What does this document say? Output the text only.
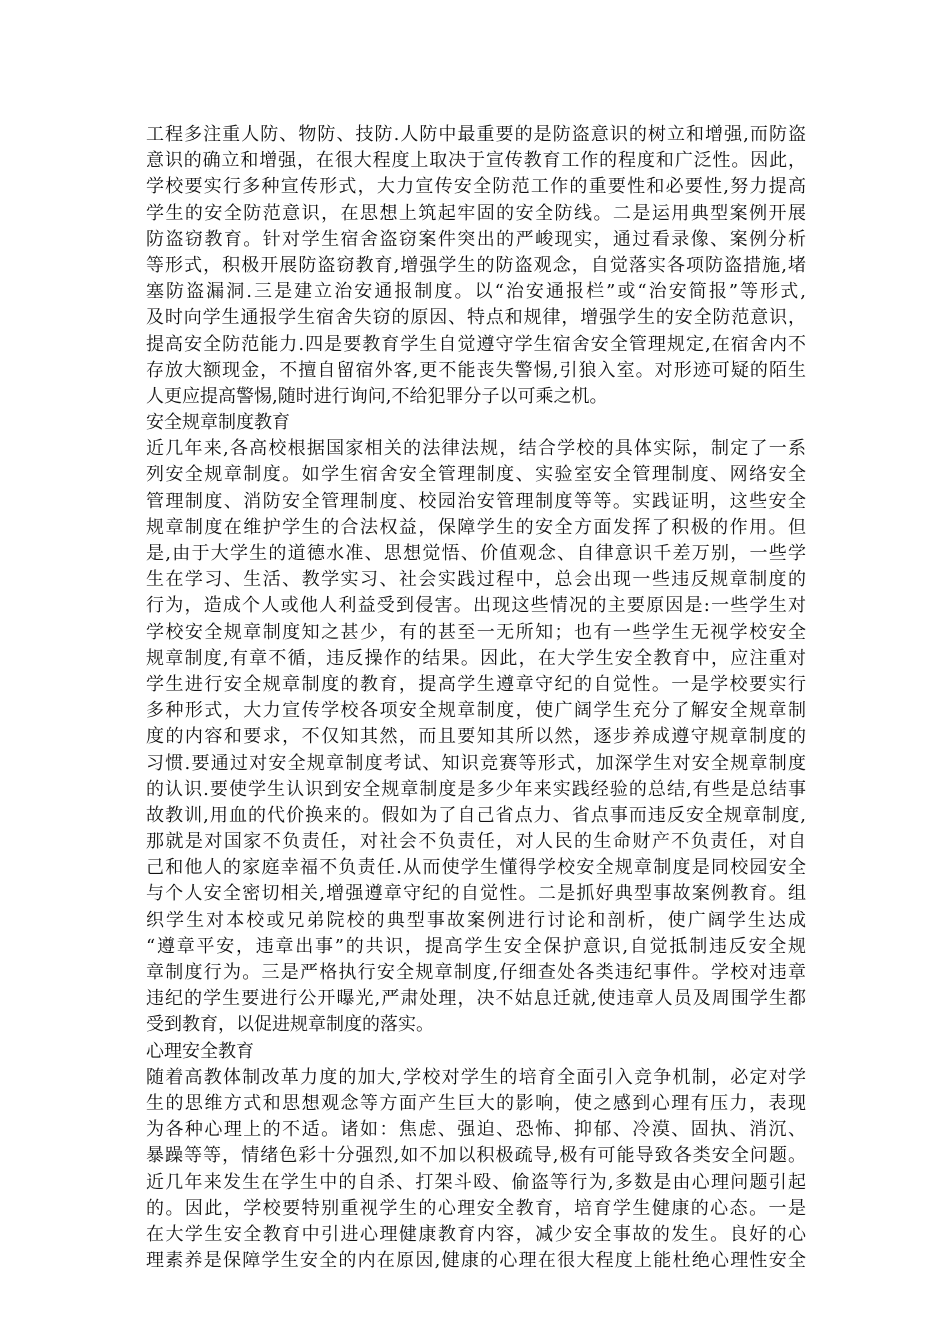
工程多注重人防、物防、技防.人防中最重要的是防盗意识的树立和增强,而防盗
意识的确立和增强，在很大程度上取决于宣传教育工作的程度和广泛性。因此，
学校要实行多种宣传形式，大力宣传安全防范工作的重要性和必要性,努力提高
学生的安全防范意识，在思想上筑起牢固的安全防线。二是运用典型案例开展
防盗窃教育。针对学生宿舍盗窃案件突出的严峻现实，通过看录像、案例分析
等形式，积极开展防盗窃教育,增强学生的防盗观念，自觉落实各项防盗措施,堵
塞防盗漏洞.三是建立治安通报制度。以“治安通报栏”或“治安简报”等形式,
及时向学生通报学生宿舍失窃的原因、特点和规律，增强学生的安全防范意识，
提高安全防范能力.四是要教育学生自觉遵守学生宿舍安全管理规定,在宿舍内不
存放大额现金，不擅自留宿外客,更不能丧失警惕,引狼入室。对形迹可疑的陌生
人更应提高警惕,随时进行询问,不给犯罪分子以可乘之机。
安全规章制度教育
近几年来,各高校根据国家相关的法律法规，结合学校的具体实际，制定了一系
列安全规章制度。如学生宿舍安全管理制度、实验室安全管理制度、网络安全
管理制度、消防安全管理制度、校园治安管理制度等等。实践证明，这些安全
规章制度在维护学生的合法权益，保障学生的安全方面发挥了积极的作用。但
是,由于大学生的道德水准、思想觉悟、价值观念、自律意识千差万别，一些学
生在学习、生活、教学实习、社会实践过程中，总会出现一些违反规章制度的
行为，造成个人或他人利益受到侵害。出现这些情况的主要原因是:一些学生对
学校安全规章制度知之甚少，有的甚至一无所知；也有一些学生无视学校安全
规章制度,有章不循，违反操作的结果。因此，在大学生安全教育中，应注重对
学生进行安全规章制度的教育，提高学生遵章守纪的自觉性。一是学校要实行
多种形式，大力宣传学校各项安全规章制度，使广阔学生充分了解安全规章制
度的内容和要求，不仅知其然，而且要知其所以然，逐步养成遵守规章制度的
习惯.要通过对安全规章制度考试、知识竞赛等形式，加深学生对安全规章制度
的认识.要使学生认识到安全规章制度是多少年来实践经验的总结,有些是总结事
故教训,用血的代价换来的。假如为了自己省点力、省点事而违反安全规章制度,
那就是对国家不负责任，对社会不负责任，对人民的生命财产不负责任，对自
己和他人的家庭幸福不负责任.从而使学生懂得学校安全规章制度是同校园安全
与个人安全密切相关,增强遵章守纪的自觉性。二是抓好典型事故案例教育。组
织学生对本校或兄弟院校的典型事故案例进行讨论和剖析，使广阔学生达成
“遵章平安，违章出事”的共识，提高学生安全保护意识,自觉抵制违反安全规
章制度行为。三是严格执行安全规章制度,仔细查处各类违纪事件。学校对违章
违纪的学生要进行公开曝光,严肃处理，决不姑息迁就,使违章人员及周围学生都
受到教育，以促进规章制度的落实。
心理安全教育
随着高教体制改革力度的加大,学校对学生的培育全面引入竞争机制，必定对学
生的思维方式和思想观念等方面产生巨大的影响，使之感到心理有压力，表现
为各种心理上的不适。诸如：焦虑、强迫、恐怖、抑郁、冷漠、固执、消沉、
暴躁等等，情绪色彩十分强烈,如不加以积极疏导,极有可能导致各类安全问题。
近几年来发生在学生中的自杀、打架斗殴、偷盗等行为,多数是由心理问题引起
的。因此，学校要特别重视学生的心理安全教育，培育学生健康的心态。一是
在大学生安全教育中引进心理健康教育内容，减少安全事故的发生。良好的心
理素养是保障学生安全的内在原因,健康的心理在很大程度上能杜绝心理性安全
